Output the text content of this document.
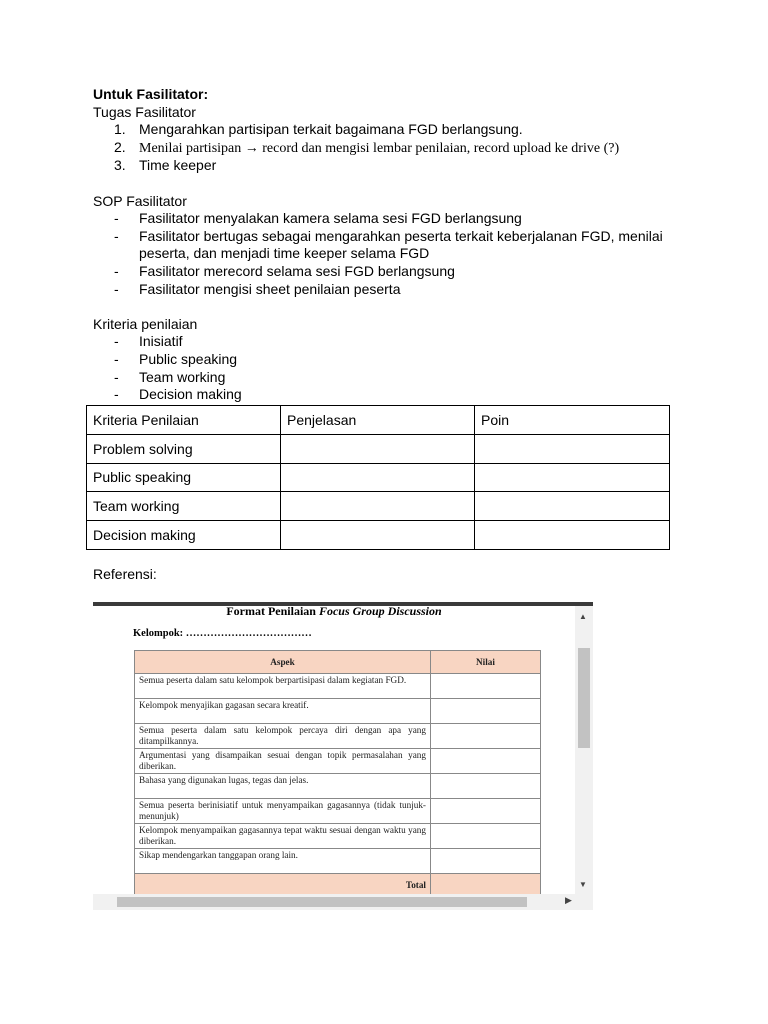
Untuk Fasilitator:
Tugas Fasilitator
1. Mengarahkan partisipan terkait bagaimana FGD berlangsung.
2. Menilai partisipan → record dan mengisi lembar penilaian, record upload ke drive (?)
3. Time keeper
SOP Fasilitator
- Fasilitator menyalakan kamera selama sesi FGD berlangsung
- Fasilitator bertugas sebagai mengarahkan peserta terkait keberjalanan FGD, menilai peserta, dan menjadi time keeper selama FGD
- Fasilitator merecord selama sesi FGD berlangsung
- Fasilitator mengisi sheet penilaian peserta
Kriteria penilaian
- Inisiatif
- Public speaking
- Team working
- Decision making
Kriteria Penilaian	Penjelasan	Poin
Problem solving		
Public speaking		
Team working		
Decision making		
Referensi:
Format Penilaian Focus Group Discussion
Kelompok: ………………………………
Aspek	Nilai
Semua peserta dalam satu kelompok berpartisipasi dalam kegiatan FGD.	
Kelompok menyajikan gagasan secara kreatif.	
Semua peserta dalam satu kelompok percaya diri dengan apa yang ditampilkannya.	
Argumentasi yang disampaikan sesuai dengan topik permasalahan yang diberikan.	
Bahasa yang digunakan lugas, tegas dan jelas.	
Semua peserta berinisiatif untuk menyampaikan gagasannya (tidak tunjuk-menunjuk)	
Kelompok menyampaikan gagasannya tepat waktu sesuai dengan waktu yang diberikan.	
Sikap mendengarkan tanggapan orang lain.	
Total	
▲
▼
▶
